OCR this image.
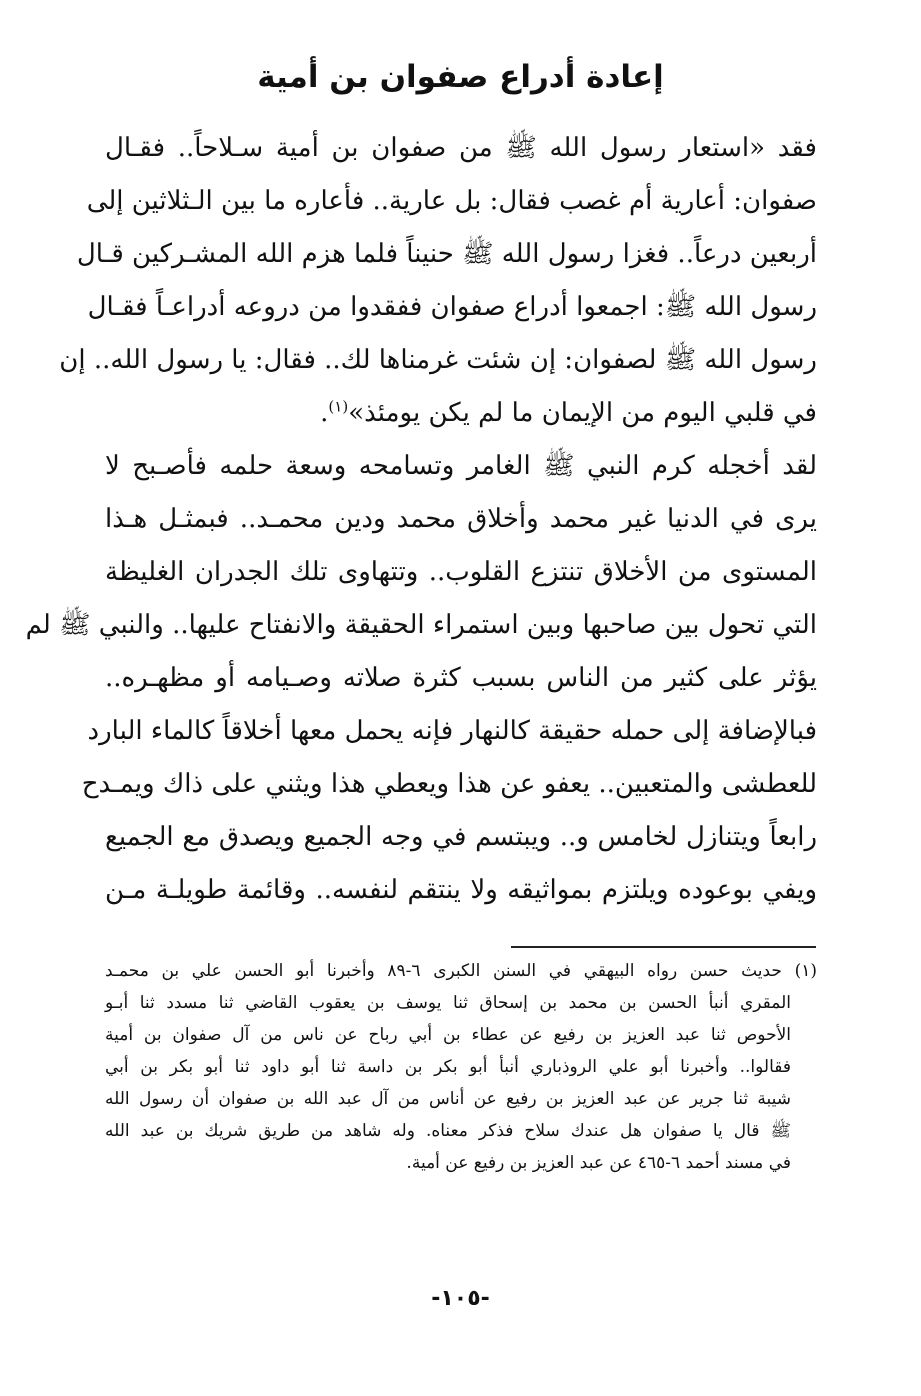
إعادة أدراع صفوان بن أمية
فقد «استعار رسول الله ﷺ من صفوان بن أمية سـلاحاً.. فقـال
صفوان: أعارية أم غصب فقال: بل عارية.. فأعاره ما بين الـثلاثين إلى
أربعين درعاً.. فغزا رسول الله ﷺ حنيناً فلما هزم الله المشـركين قـال
رسول الله ﷺ: اجمعوا أدراع صفوان ففقدوا من دروعه أدراعـاً فقـال
رسول الله ﷺ لصفوان: إن شئت غرمناها لك.. فقال: يا رسول الله.. إن
في قلبي اليوم من الإيمان ما لم يكن يومئذ»$^{(١)}$.
لقد أخجله كرم النبي ﷺ الغامر وتسامحه وسعة حلمه فأصـبح لا
يرى في الدنيا غير محمد وأخلاق محمد ودين محمـد.. فبمثـل هـذا
المستوى من الأخلاق تنتزع القلوب.. وتتهاوى تلك الجدران الغليظة
التي تحول بين صاحبها وبين استمراء الحقيقة والانفتاح عليها.. والنبي ﷺ لم
يؤثر على كثير من الناس بسبب كثرة صلاته وصـيامه أو مظهـره..
فبالإضافة إلى حمله حقيقة كالنهار فإنه يحمل معها أخلاقاً كالماء البارد
للعطشى والمتعبين.. يعفو عن هذا ويعطي هذا ويثني على ذاك ويمـدح
رابعاً ويتنازل لخامس و.. ويبتسم في وجه الجميع ويصدق مع الجميع
ويفي بوعوده ويلتزم بمواثيقه ولا ينتقم لنفسه.. وقائمة طويلـة مـن
(١) حديث حسن رواه البيهقي في السنن الكبرى ٦-٨٩ وأخبرنا أبو الحسن علي بن محمـد
المقري أنبأ الحسن بن محمد بن إسحاق ثنا يوسف بن يعقوب القاضي ثنا مسدد ثنا أبـو
الأحوص ثنا عبد العزيز بن رفيع عن عطاء بن أبي رباح عن ناس من آل صفوان بن أمية
فقالوا.. وأخبرنا أبو علي الروذباري أنبأ أبو بكر بن داسة ثنا أبو داود ثنا أبو بكر بن أبي
شيبة ثنا جرير عن عبد العزيز بن رفيع عن أناس من آل عبد الله بن صفوان أن رسول الله
ﷺ قال يا صفوان هل عندك سلاح فذكر معناه. وله شاهد من طريق شريك بن عبد الله
في مسند أحمد ٦-٤٦٥ عن عبد العزيز بن رفيع عن أمية.
-١٠٥-
